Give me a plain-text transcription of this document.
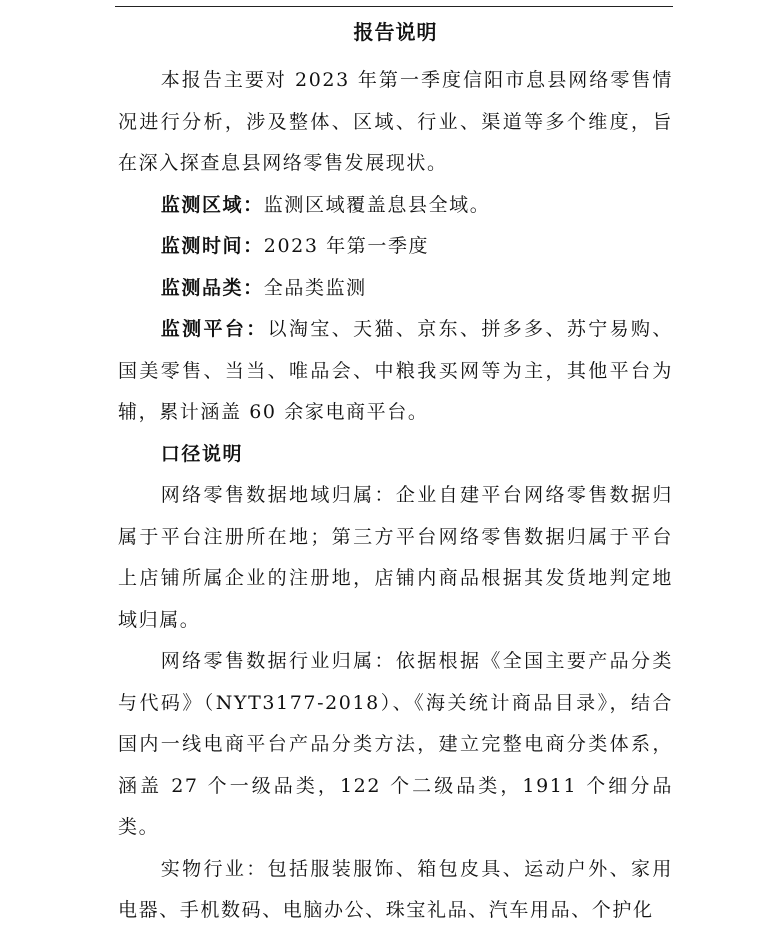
报告说明

本报告主要对 2023 年第一季度信阳市息县网络零售情况进行分析，涉及整体、区域、行业、渠道等多个维度，旨在深入探查息县网络零售发展现状。

监测区域：监测区域覆盖息县全域。

监测时间：2023 年第一季度

监测品类：全品类监测

监测平台：以淘宝、天猫、京东、拼多多、苏宁易购、国美零售、当当、唯品会、中粮我买网等为主，其他平台为辅，累计涵盖 60 余家电商平台。

口径说明

网络零售数据地域归属：企业自建平台网络零售数据归属于平台注册所在地；第三方平台网络零售数据归属于平台上店铺所属企业的注册地，店铺内商品根据其发货地判定地域归属。

网络零售数据行业归属：依据根据《全国主要产品分类与代码》（NYT3177-2018）、《海关统计商品目录》，结合国内一线电商平台产品分类方法，建立完整电商分类体系，涵盖 27 个一级品类，122 个二级品类，1911 个细分品类。

实物行业：包括服装服饰、箱包皮具、运动户外、家用电器、手机数码、电脑办公、珠宝礼品、汽车用品、个护化
